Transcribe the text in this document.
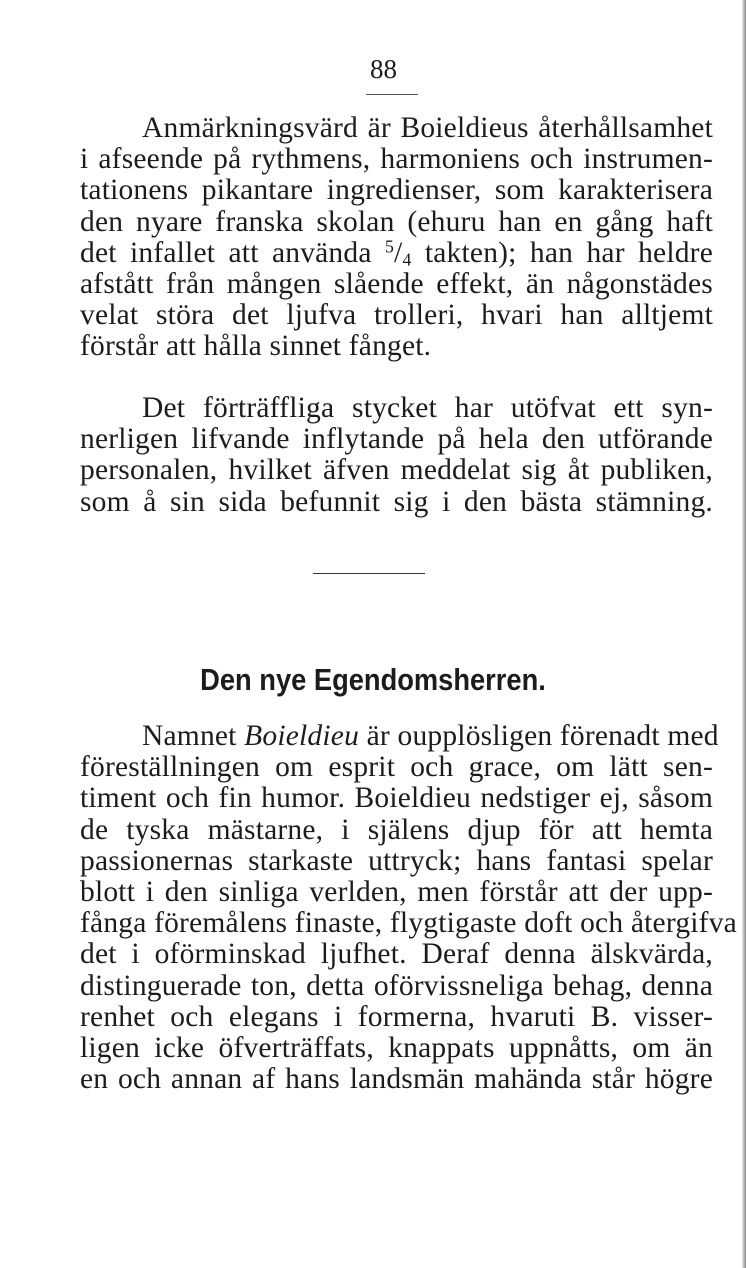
88

Anmärkningsvärd är Boieldieus återhållsamhet
i afseende på rythmens, harmoniens och instrumen-
tationens pikantare ingredienser, som karakterisera
den nyare franska skolan (ehuru han en gång haft
det infallet att använda $^5/_4$ takten); han har heldre
afstått från mången slående effekt, än någonstädes
velat störa det ljufva trolleri, hvari han alltjemt
förstår att hålla sinnet fånget.

Det förträffliga stycket har utöfvat ett syn-
nerligen lifvande inflytande på hela den utförande
personalen, hvilket äfven meddelat sig åt publiken,
som å sin sida befunnit sig i den bästa stämning.

Den nye Egendomsherren.

Namnet Boieldieu är oupplösligen förenadt med
föreställningen om esprit och grace, om lätt sen-
timent och fin humor. Boieldieu nedstiger ej, såsom
de tyska mästarne, i själens djup för att hemta
passionernas starkaste uttryck; hans fantasi spelar
blott i den sinliga verlden, men förstår att der upp-
fånga föremålens finaste, flygtigaste doft och återgifva
det i oförminskad ljufhet. Deraf denna älskvärda,
distinguerade ton, detta oförvissneliga behag, denna
renhet och elegans i formerna, hvaruti B. visser-
ligen icke öfverträffats, knappats uppnåtts, om än
en och annan af hans landsmän mahända står högre
